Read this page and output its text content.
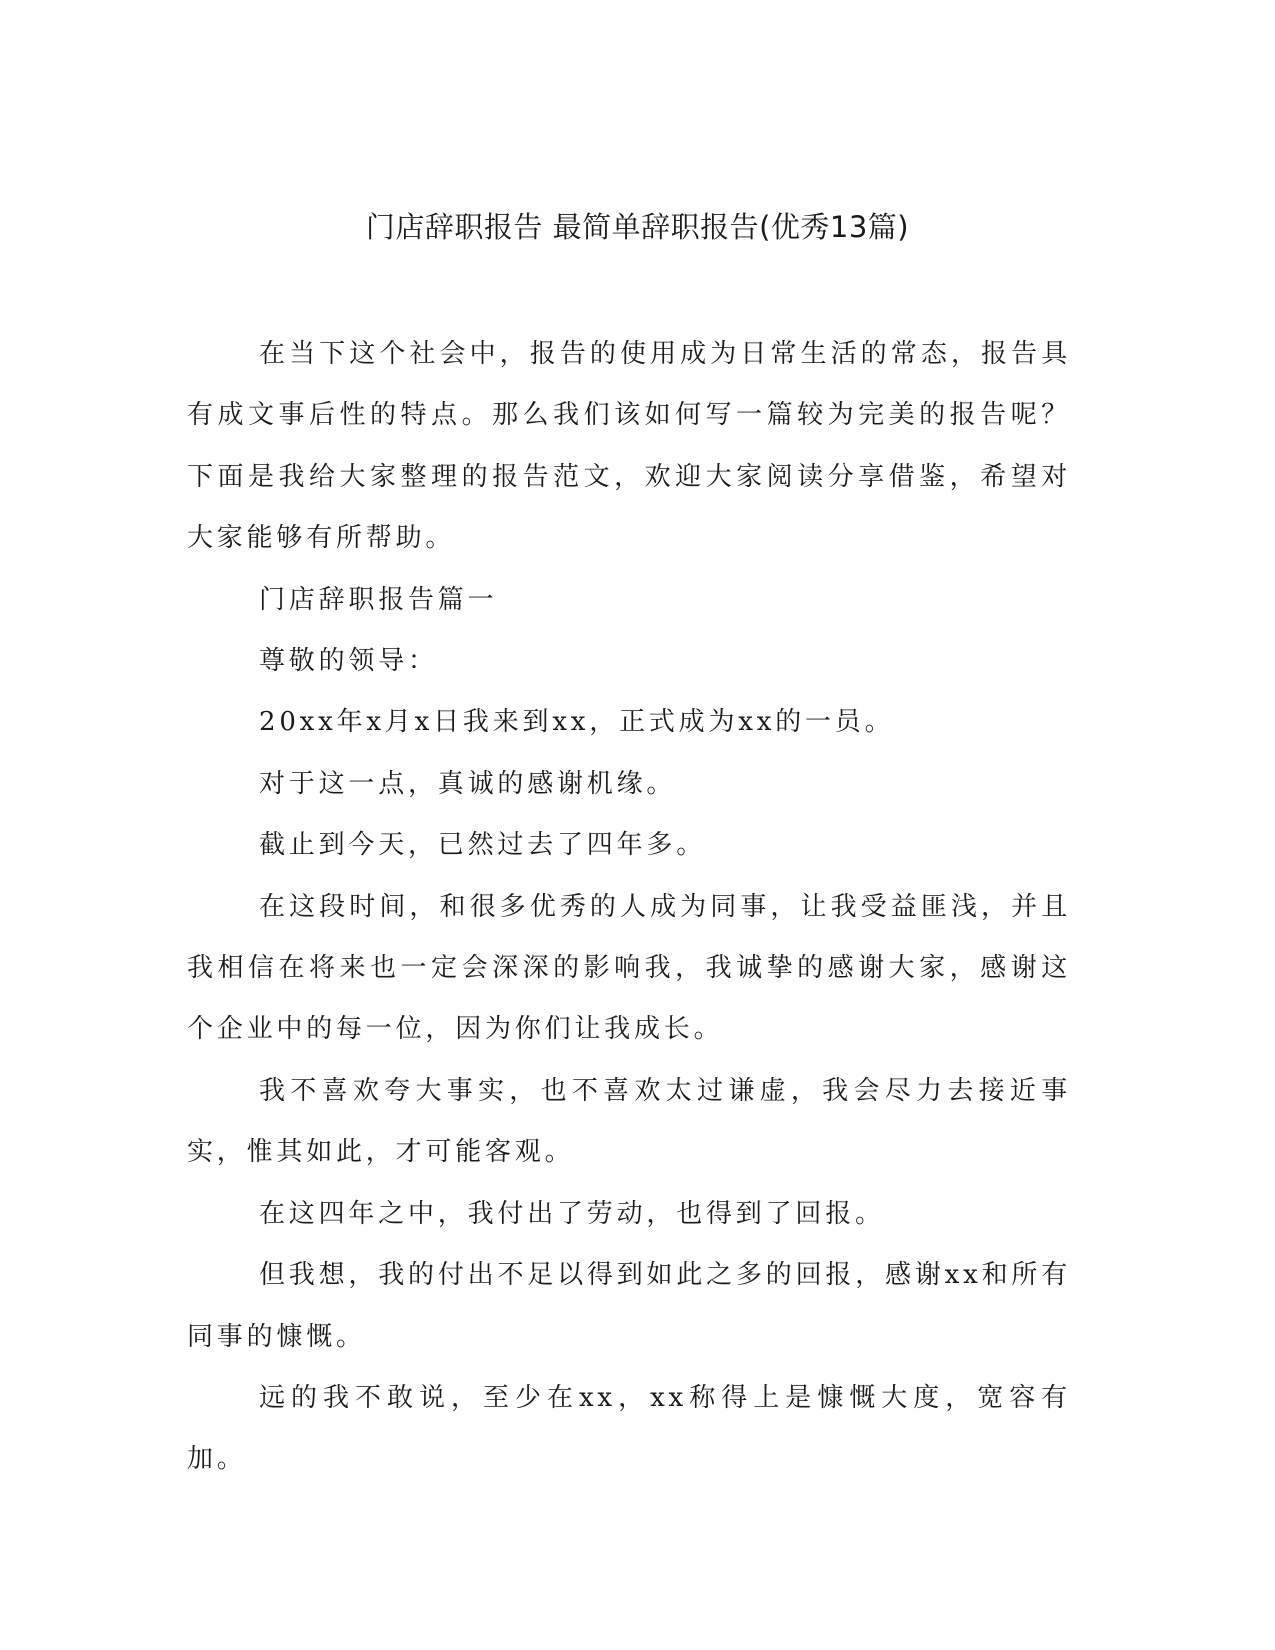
门店辞职报告 最简单辞职报告(优秀13篇)

在当下这个社会中，报告的使用成为日常生活的常态，报告具有成文事后性的特点。那么我们该如何写一篇较为完美的报告呢？下面是我给大家整理的报告范文，欢迎大家阅读分享借鉴，希望对大家能够有所帮助。

门店辞职报告篇一

尊敬的领导：

20xx年x月x日我来到xx，正式成为xx的一员。

对于这一点，真诚的感谢机缘。

截止到今天，已然过去了四年多。

在这段时间，和很多优秀的人成为同事，让我受益匪浅，并且我相信在将来也一定会深深的影响我，我诚挚的感谢大家，感谢这个企业中的每一位，因为你们让我成长。

我不喜欢夸大事实，也不喜欢太过谦虚，我会尽力去接近事实，惟其如此，才可能客观。

在这四年之中，我付出了劳动，也得到了回报。

但我想，我的付出不足以得到如此之多的回报，感谢xx和所有同事的慷慨。

远的我不敢说，至少在xx，xx称得上是慷慨大度，宽容有加。
